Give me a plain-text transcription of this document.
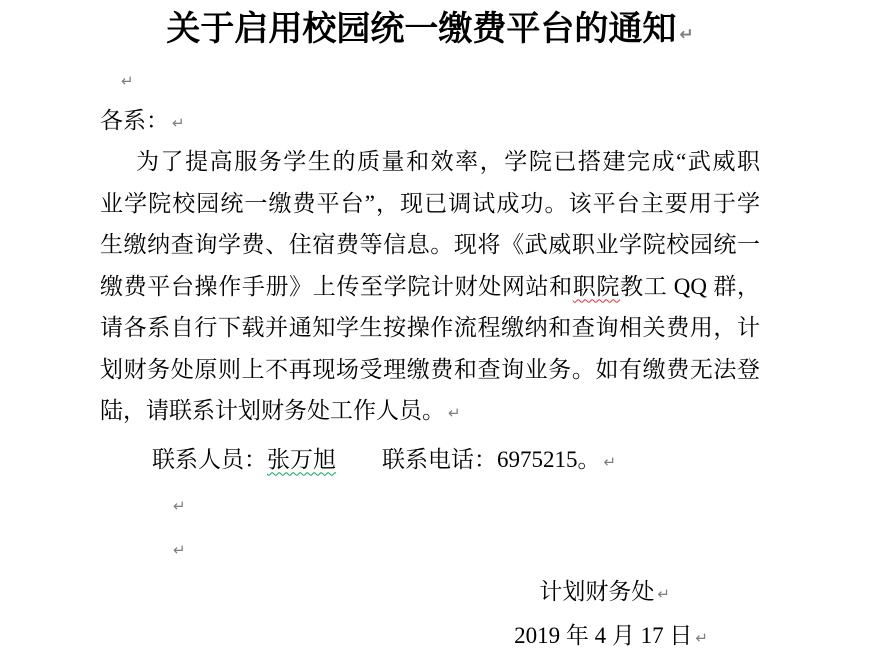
关于启用校园统一缴费平台的通知 ↵
↵
各系： ↵
为了提高服务学生的质量和效率，学院已搭建完成“武威职
业学院校园统一缴费平台”，现已调试成功。该平台主要用于学
生缴纳查询学费、住宿费等信息。现将《武威职业学院校园统一
缴费平台操作手册》上传至学院计财处网站和职院教工 QQ 群，
请各系自行下载并通知学生按操作流程缴纳和查询相关费用，计
划财务处原则上不再现场受理缴费和查询业务。如有缴费无法登
陆，请联系计划财务处工作人员。 ↵
联系人员：张万旭　　联系电话：6975215。 ↵
↵
↵
计划财务处 ↵
2019 年 4 月 17 日 ↵
